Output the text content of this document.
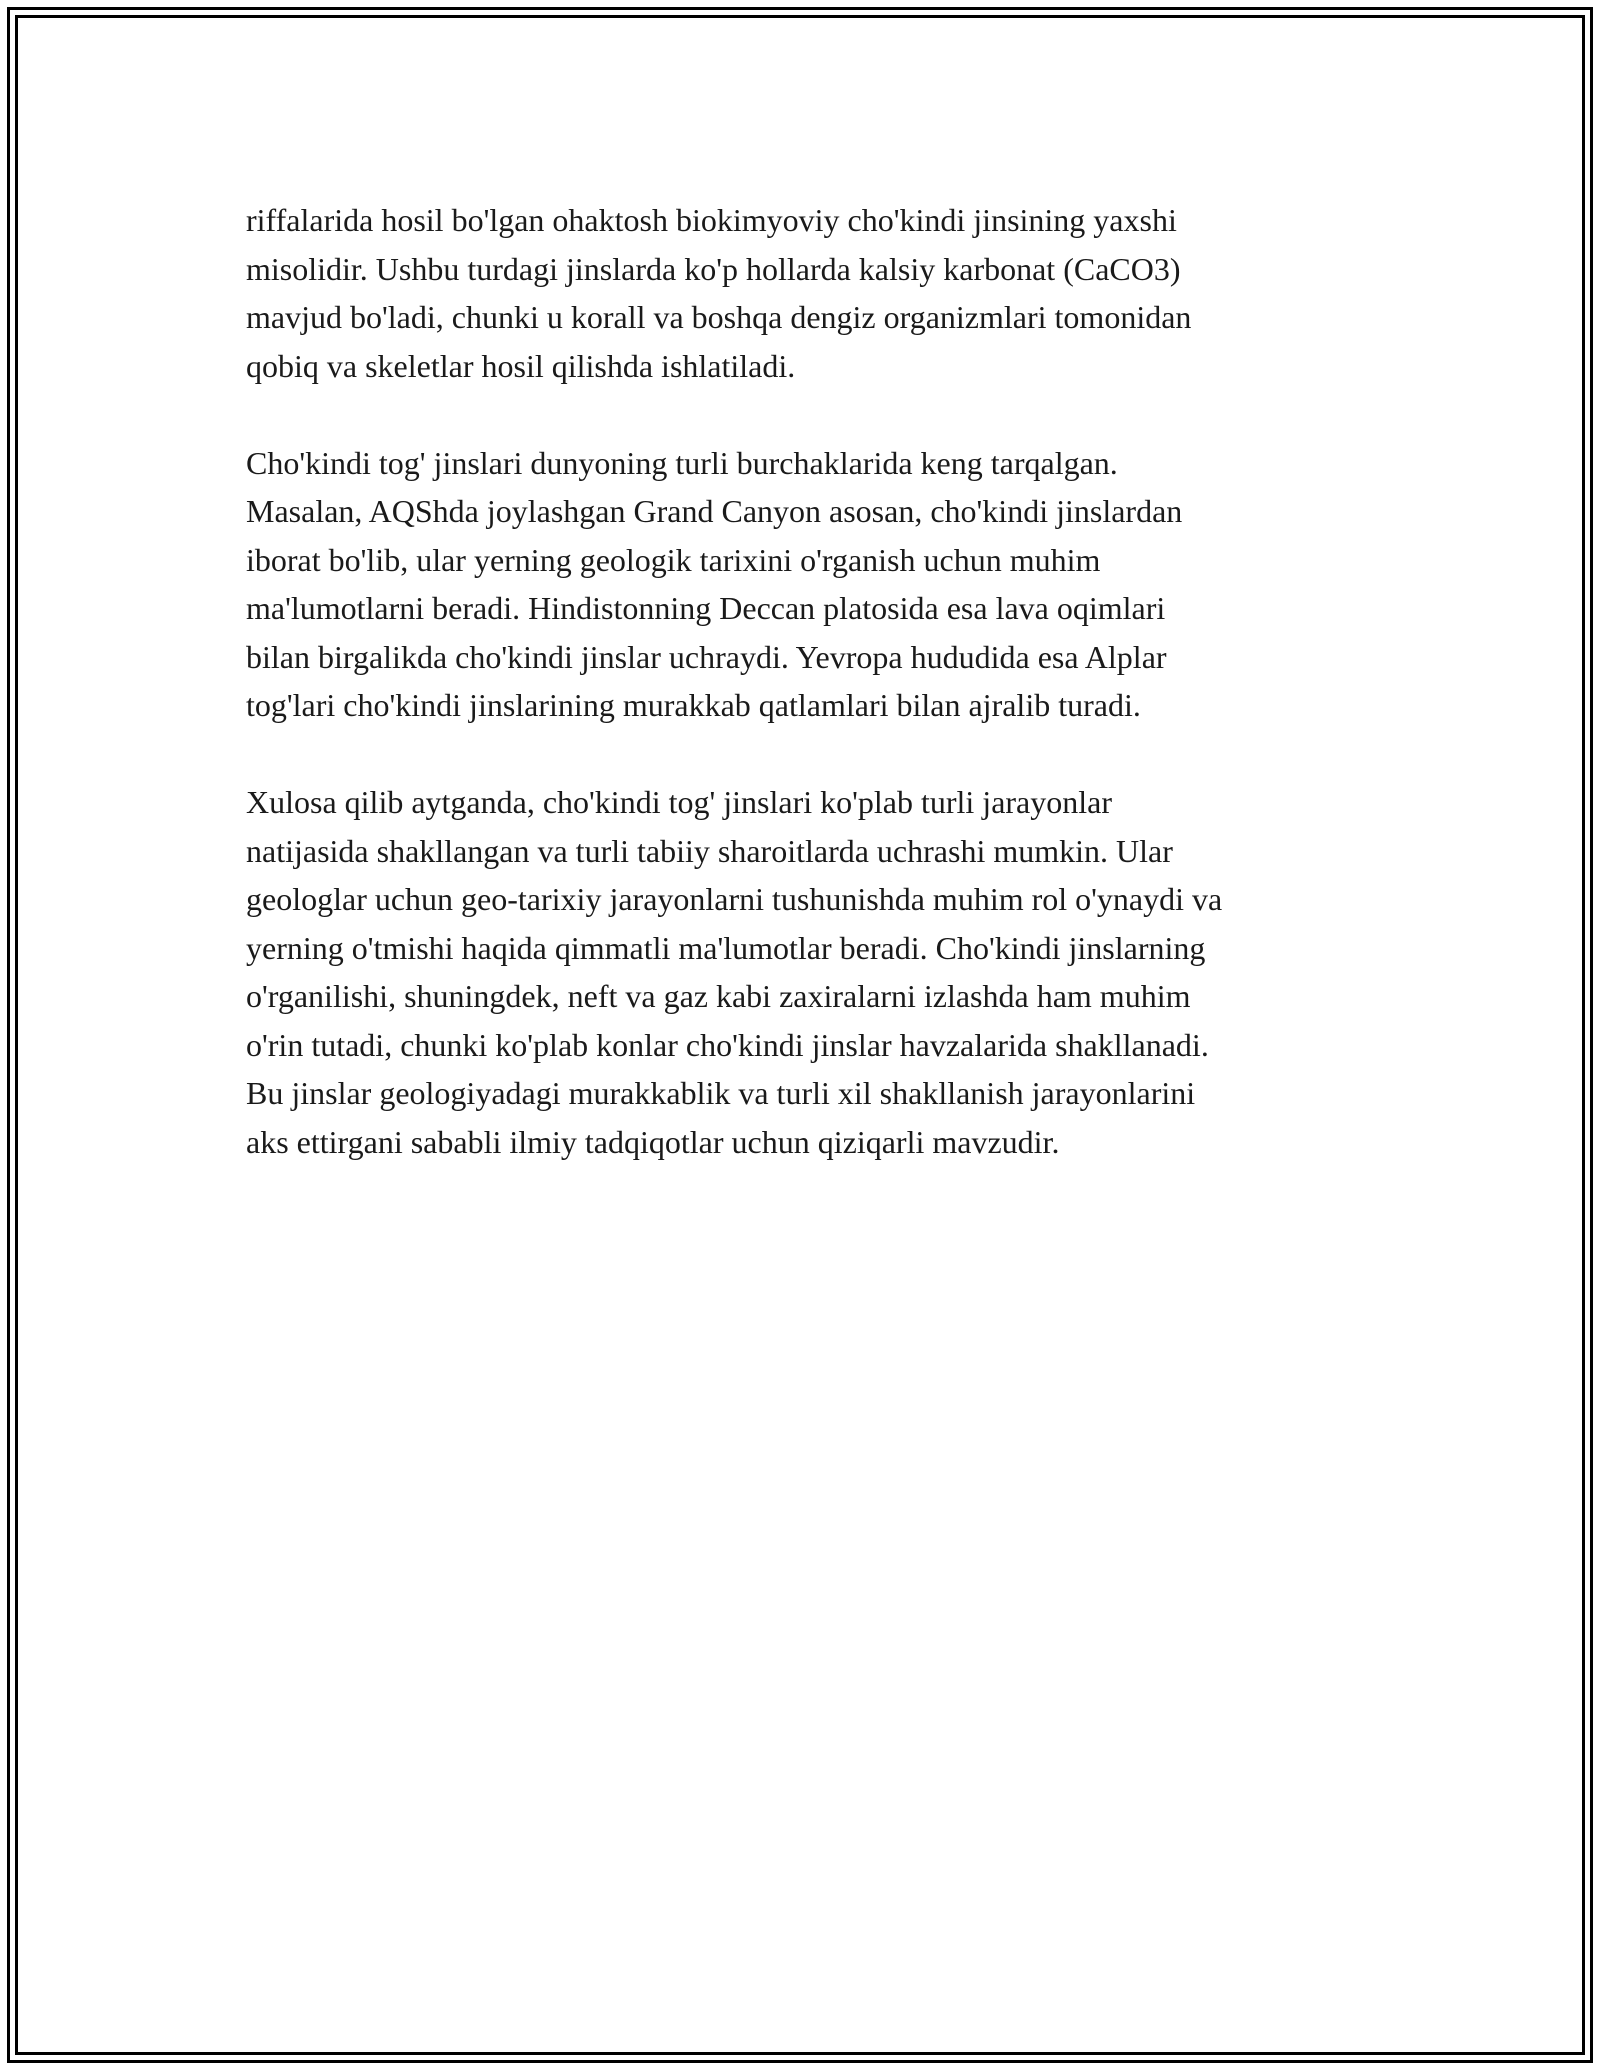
riffalarida hosil bo'lgan ohaktosh biokimyoviy cho'kindi jinsining yaxshi
misolidir. Ushbu turdagi jinslarda ko'p hollarda kalsiy karbonat (CaCO3)
mavjud bo'ladi, chunki u korall va boshqa dengiz organizmlari tomonidan
qobiq va skeletlar hosil qilishda ishlatiladi.

Cho'kindi tog' jinslari dunyoning turli burchaklarida keng tarqalgan.
Masalan, AQShda joylashgan Grand Canyon asosan, cho'kindi jinslardan
iborat bo'lib, ular yerning geologik tarixini o'rganish uchun muhim
ma'lumotlarni beradi. Hindistonning Deccan platosida esa lava oqimlari
bilan birgalikda cho'kindi jinslar uchraydi. Yevropa hududida esa Alplar
tog'lari cho'kindi jinslarining murakkab qatlamlari bilan ajralib turadi.

Xulosa qilib aytganda, cho'kindi tog' jinslari ko'plab turli jarayonlar
natijasida shakllangan va turli tabiiy sharoitlarda uchrashi mumkin. Ular
geologlar uchun geo-tarixiy jarayonlarni tushunishda muhim rol o'ynaydi va
yerning o'tmishi haqida qimmatli ma'lumotlar beradi. Cho'kindi jinslarning
o'rganilishi, shuningdek, neft va gaz kabi zaxiralarni izlashda ham muhim
o'rin tutadi, chunki ko'plab konlar cho'kindi jinslar havzalarida shakllanadi.
Bu jinslar geologiyadagi murakkablik va turli xil shakllanish jarayonlarini
aks ettirgani sababli ilmiy tadqiqotlar uchun qiziqarli mavzudir.
